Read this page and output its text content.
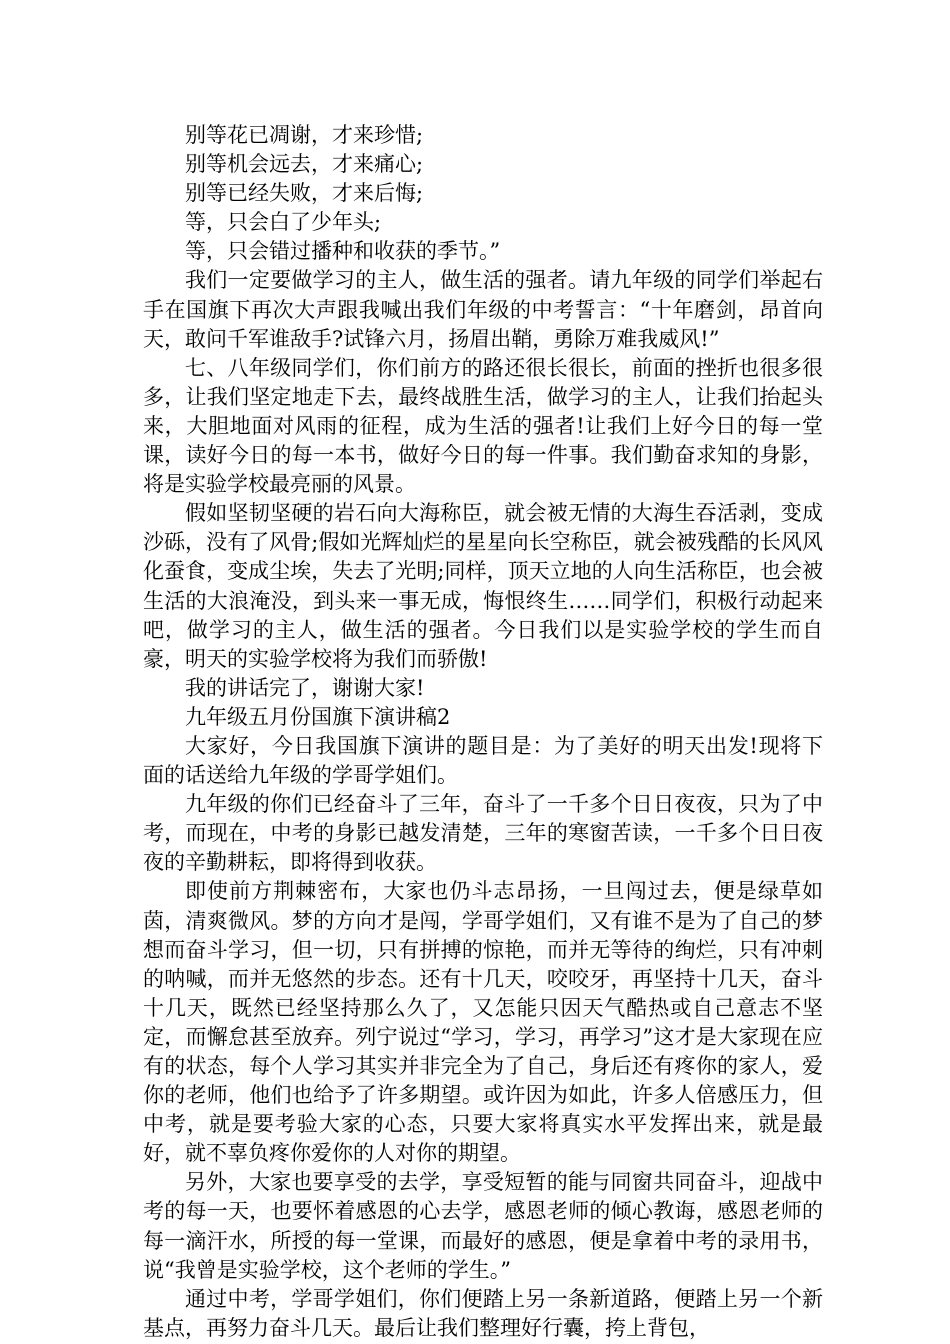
别等花已凋谢，才来珍惜;

别等机会远去，才来痛心;

别等已经失败，才来后悔;

等，只会白了少年头;

等，只会错过播种和收获的季节。”

我们一定要做学习的主人，做生活的强者。请九年级的同学们举起右手在国旗下再次大声跟我喊出我们年级的中考誓言：“十年磨剑，昂首向天，敢问千军谁敌手?试锋六月，扬眉出鞘，勇除万难我威风!”

七、八年级同学们，你们前方的路还很长很长，前面的挫折也很多很多，让我们坚定地走下去，最终战胜生活，做学习的主人，让我们抬起头来，大胆地面对风雨的征程，成为生活的强者!让我们上好今日的每一堂课，读好今日的每一本书，做好今日的每一件事。我们勤奋求知的身影，将是实验学校最亮丽的风景。

假如坚韧坚硬的岩石向大海称臣，就会被无情的大海生吞活剥，变成沙砾，没有了风骨;假如光辉灿烂的星星向长空称臣，就会被残酷的长风风化蚕食，变成尘埃，失去了光明;同样，顶天立地的人向生活称臣，也会被生活的大浪淹没，到头来一事无成，悔恨终生……同学们，积极行动起来吧，做学习的主人，做生活的强者。今日我们以是实验学校的学生而自豪，明天的实验学校将为我们而骄傲!

我的讲话完了，谢谢大家!

九年级五月份国旗下演讲稿2

大家好，今日我国旗下演讲的题目是：为了美好的明天出发!现将下面的话送给九年级的学哥学姐们。

九年级的你们已经奋斗了三年，奋斗了一千多个日日夜夜，只为了中考，而现在，中考的身影已越发清楚，三年的寒窗苦读，一千多个日日夜夜的辛勤耕耘，即将得到收获。

即使前方荆棘密布，大家也仍斗志昂扬，一旦闯过去，便是绿草如茵，清爽微风。梦的方向才是闯，学哥学姐们，又有谁不是为了自己的梦想而奋斗学习，但一切，只有拼搏的惊艳，而并无等待的绚烂，只有冲刺的呐喊，而并无悠然的步态。还有十几天，咬咬牙，再坚持十几天，奋斗十几天，既然已经坚持那么久了，又怎能只因天气酷热或自己意志不坚定，而懈怠甚至放弃。列宁说过“学习，学习，再学习”这才是大家现在应有的状态，每个人学习其实并非完全为了自己，身后还有疼你的家人，爱你的老师，他们也给予了许多期望。或许因为如此，许多人倍感压力，但中考，就是要考验大家的心态，只要大家将真实水平发挥出来，就是最好，就不辜负疼你爱你的人对你的期望。

另外，大家也要享受的去学，享受短暂的能与同窗共同奋斗，迎战中考的每一天，也要怀着感恩的心去学，感恩老师的倾心教诲，感恩老师的每一滴汗水，所授的每一堂课，而最好的感恩，便是拿着中考的录用书，说“我曾是实验学校，这个老师的学生。”

通过中考，学哥学姐们，你们便踏上另一条新道路，便踏上另一个新基点，再努力奋斗几天。最后让我们整理好行囊，挎上背包，
